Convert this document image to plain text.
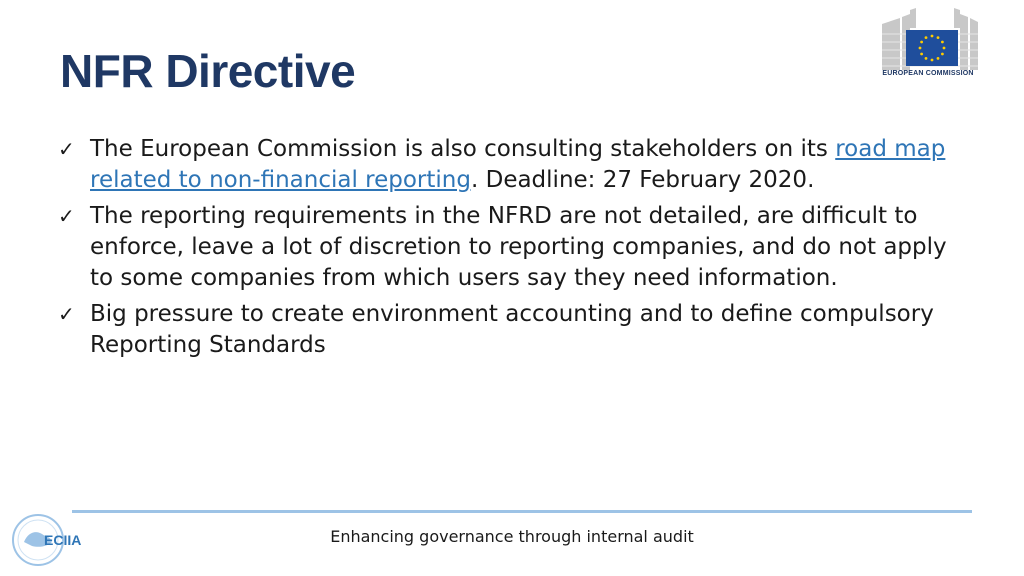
NFR Directive	EUROPEAN COMMISSION
✓ The European Commission is also consulting stakeholders on its road map related to non-financial reporting. Deadline: 27 February 2020.
✓ The reporting requirements in the NFRD are not detailed, are difficult to enforce, leave a lot of discretion to reporting companies, and do not apply to some companies from which users say they need information.
✓ Big pressure to create environment accounting and to define compulsory Reporting Standards
ECIIA	Enhancing governance through internal audit
